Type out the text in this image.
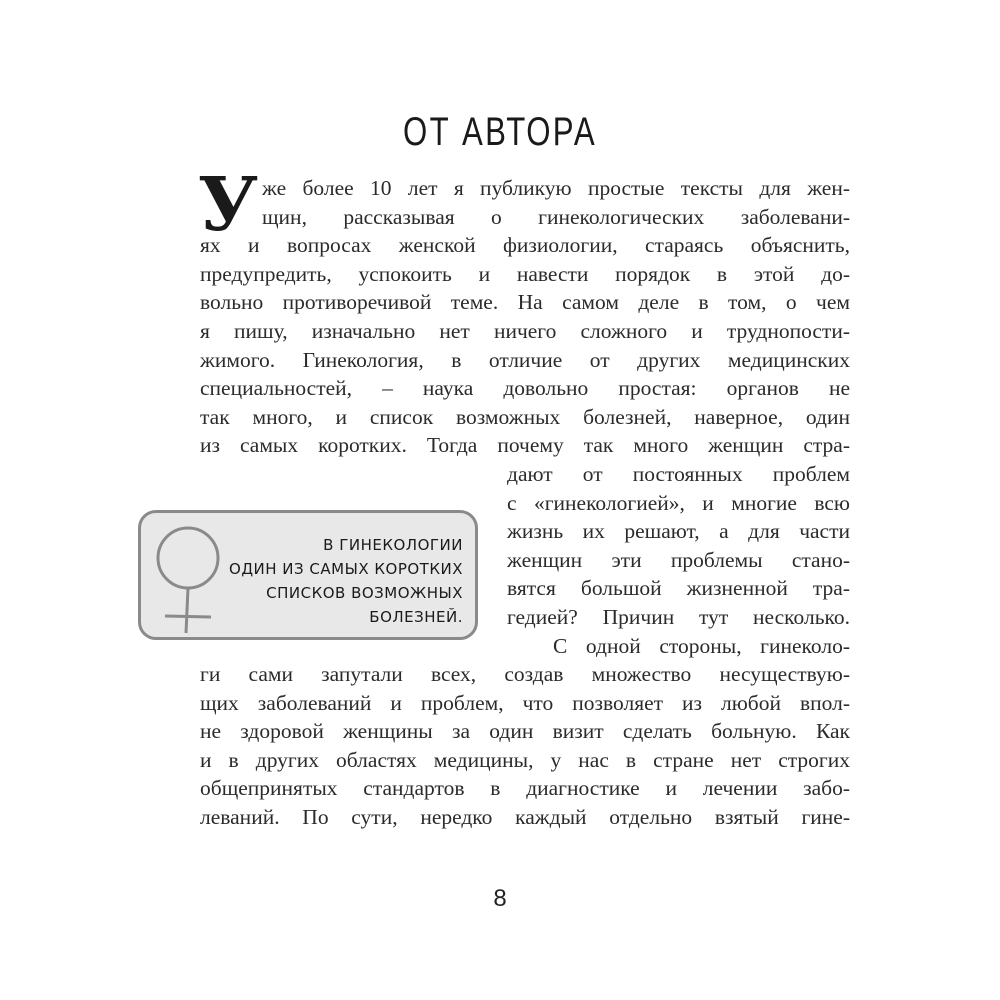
ОТ АВТОРА
У же более 10 лет я публикую простые тексты для жен-
щин, рассказывая о гинекологических заболевани-
ях и вопросах женской физиологии, стараясь объяснить,
предупредить, успокоить и навести порядок в этой до-
вольно противоречивой теме. На самом деле в том, о чем
я пишу, изначально нет ничего сложного и труднопости-
жимого. Гинекология, в отличие от других медицинских
специальностей, – наука довольно простая: органов не
так много, и список возможных болезней, наверное, один
из самых коротких. Тогда почему так много женщин стра-
дают от постоянных проблем
с «гинекологией», и многие всю
жизнь их решают, а для части
женщин эти проблемы стано-
вятся большой жизненной тра-
гедией? Причин тут несколько.
С одной стороны, гинеколо-
ги сами запутали всех, создав множество несуществую-
щих заболеваний и проблем, что позволяет из любой впол-
не здоровой женщины за один визит сделать больную. Как
и в других областях медицины, у нас в стране нет строгих
общепринятых стандартов в диагностике и лечении забо-
леваний. По сути, нередко каждый отдельно взятый гине-
В ГИНЕКОЛОГИИ
ОДИН ИЗ САМЫХ КОРОТКИХ
СПИСКОВ ВОЗМОЖНЫХ
БОЛЕЗНЕЙ.
8
